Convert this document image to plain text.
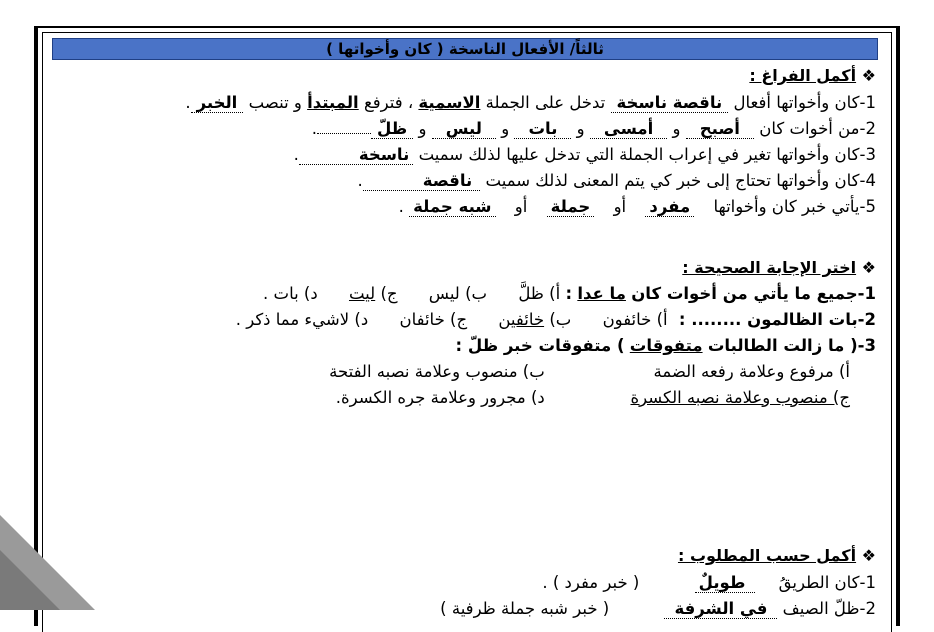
ثالثاً/ الأفعال الناسخة ( كان وأخواتها )
❖ أكمل الفراغ :
1-كان وأخواتها أفعال ناقصة ناسخة تدخل على الجملة الاسمية ، فترفع المبتدأ و تنصب الخبر.
2-من أخوات كان أصبح و أمسى و بات و ليس و ظلّ.
3-كان وأخواتها تغير في إعراب الجملة التي تدخل عليها لذلك سميت ناسخة.
4-كان وأخواتها تحتاج إلى خبر كي يتم المعنى لذلك سميت ناقصة.
5-يأتي خبر كان وأخواتها مفرد أو جملة أو شبه جملة .
❖ اختر الإجابة الصحيحة :
1-جميع ما يأتي من أخوات كان ما عدا : أ) ظلَّ ب) ليس ج) ليت د) بات .
2-بات الظالمون ........ : أ) خائفون ب) خائفين ج) خائفان د) لاشيء مما ذكر .
3-( ما زالت الطالبات متفوقات ) متفوقات خبر ظلّ :
أ) مرفوع وعلامة رفعه الضمة ب) منصوب وعلامة نصبه الفتحة
ج) منصوب وعلامة نصبه الكسرة د) مجرور وعلامة جره الكسرة.
❖ أكمل حسب المطلوب :
1-كان الطريقُ طويلٌ ( خبر مفرد ) .
2-ظلّ الصيف في الشرفة ( خبر شبه جملة ظرفية )
